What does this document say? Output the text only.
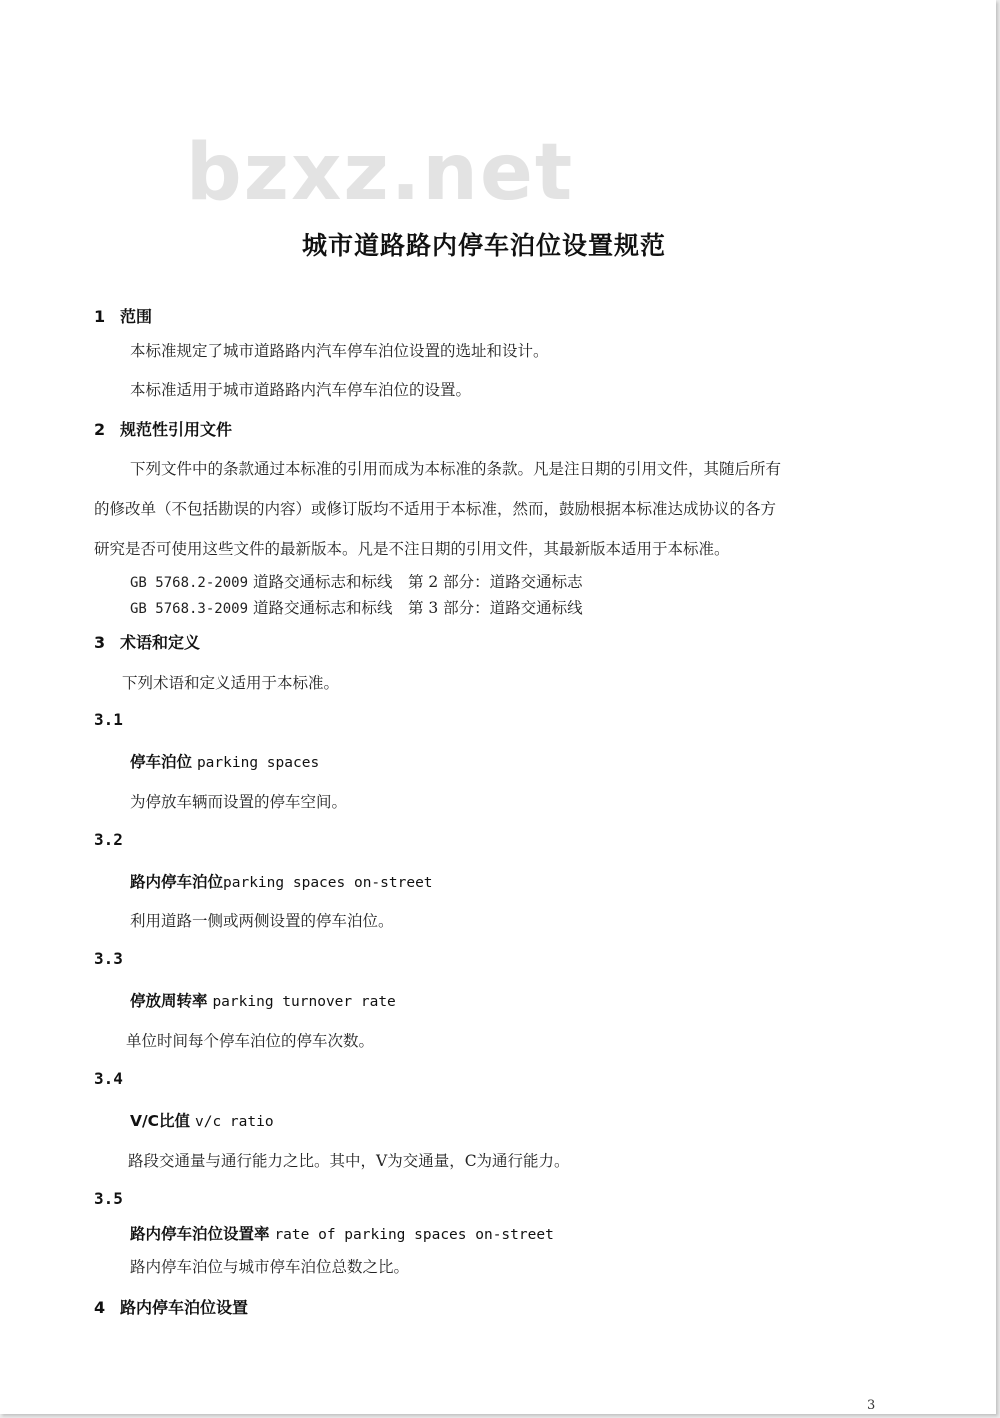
bzxz.net
城市道路路内停车泊位设置规范
1 范围
本标准规定了城市道路路内汽车停车泊位设置的选址和设计。
本标准适用于城市道路路内汽车停车泊位的设置。
2 规范性引用文件
下列文件中的条款通过本标准的引用而成为本标准的条款。凡是注日期的引用文件，其随后所有
的修改单（不包括勘误的内容）或修订版均不适用于本标准，然而，鼓励根据本标准达成协议的各方
研究是否可使用这些文件的最新版本。凡是不注日期的引用文件，其最新版本适用于本标准。
GB 5768.2-2009 道路交通标志和标线　第 2 部分：道路交通标志
GB 5768.3-2009 道路交通标志和标线　第 3 部分：道路交通标线
3 术语和定义
下列术语和定义适用于本标准。
3.1
停车泊位 parking spaces
为停放车辆而设置的停车空间。
3.2
路内停车泊位parking spaces on-street
利用道路一侧或两侧设置的停车泊位。
3.3
停放周转率 parking turnover rate
单位时间每个停车泊位的停车次数。
3.4
V/C比值 v/c ratio
路段交通量与通行能力之比。其中，V为交通量，C为通行能力。
3.5
路内停车泊位设置率 rate of parking spaces on-street
路内停车泊位与城市停车泊位总数之比。
4 路内停车泊位设置
3
